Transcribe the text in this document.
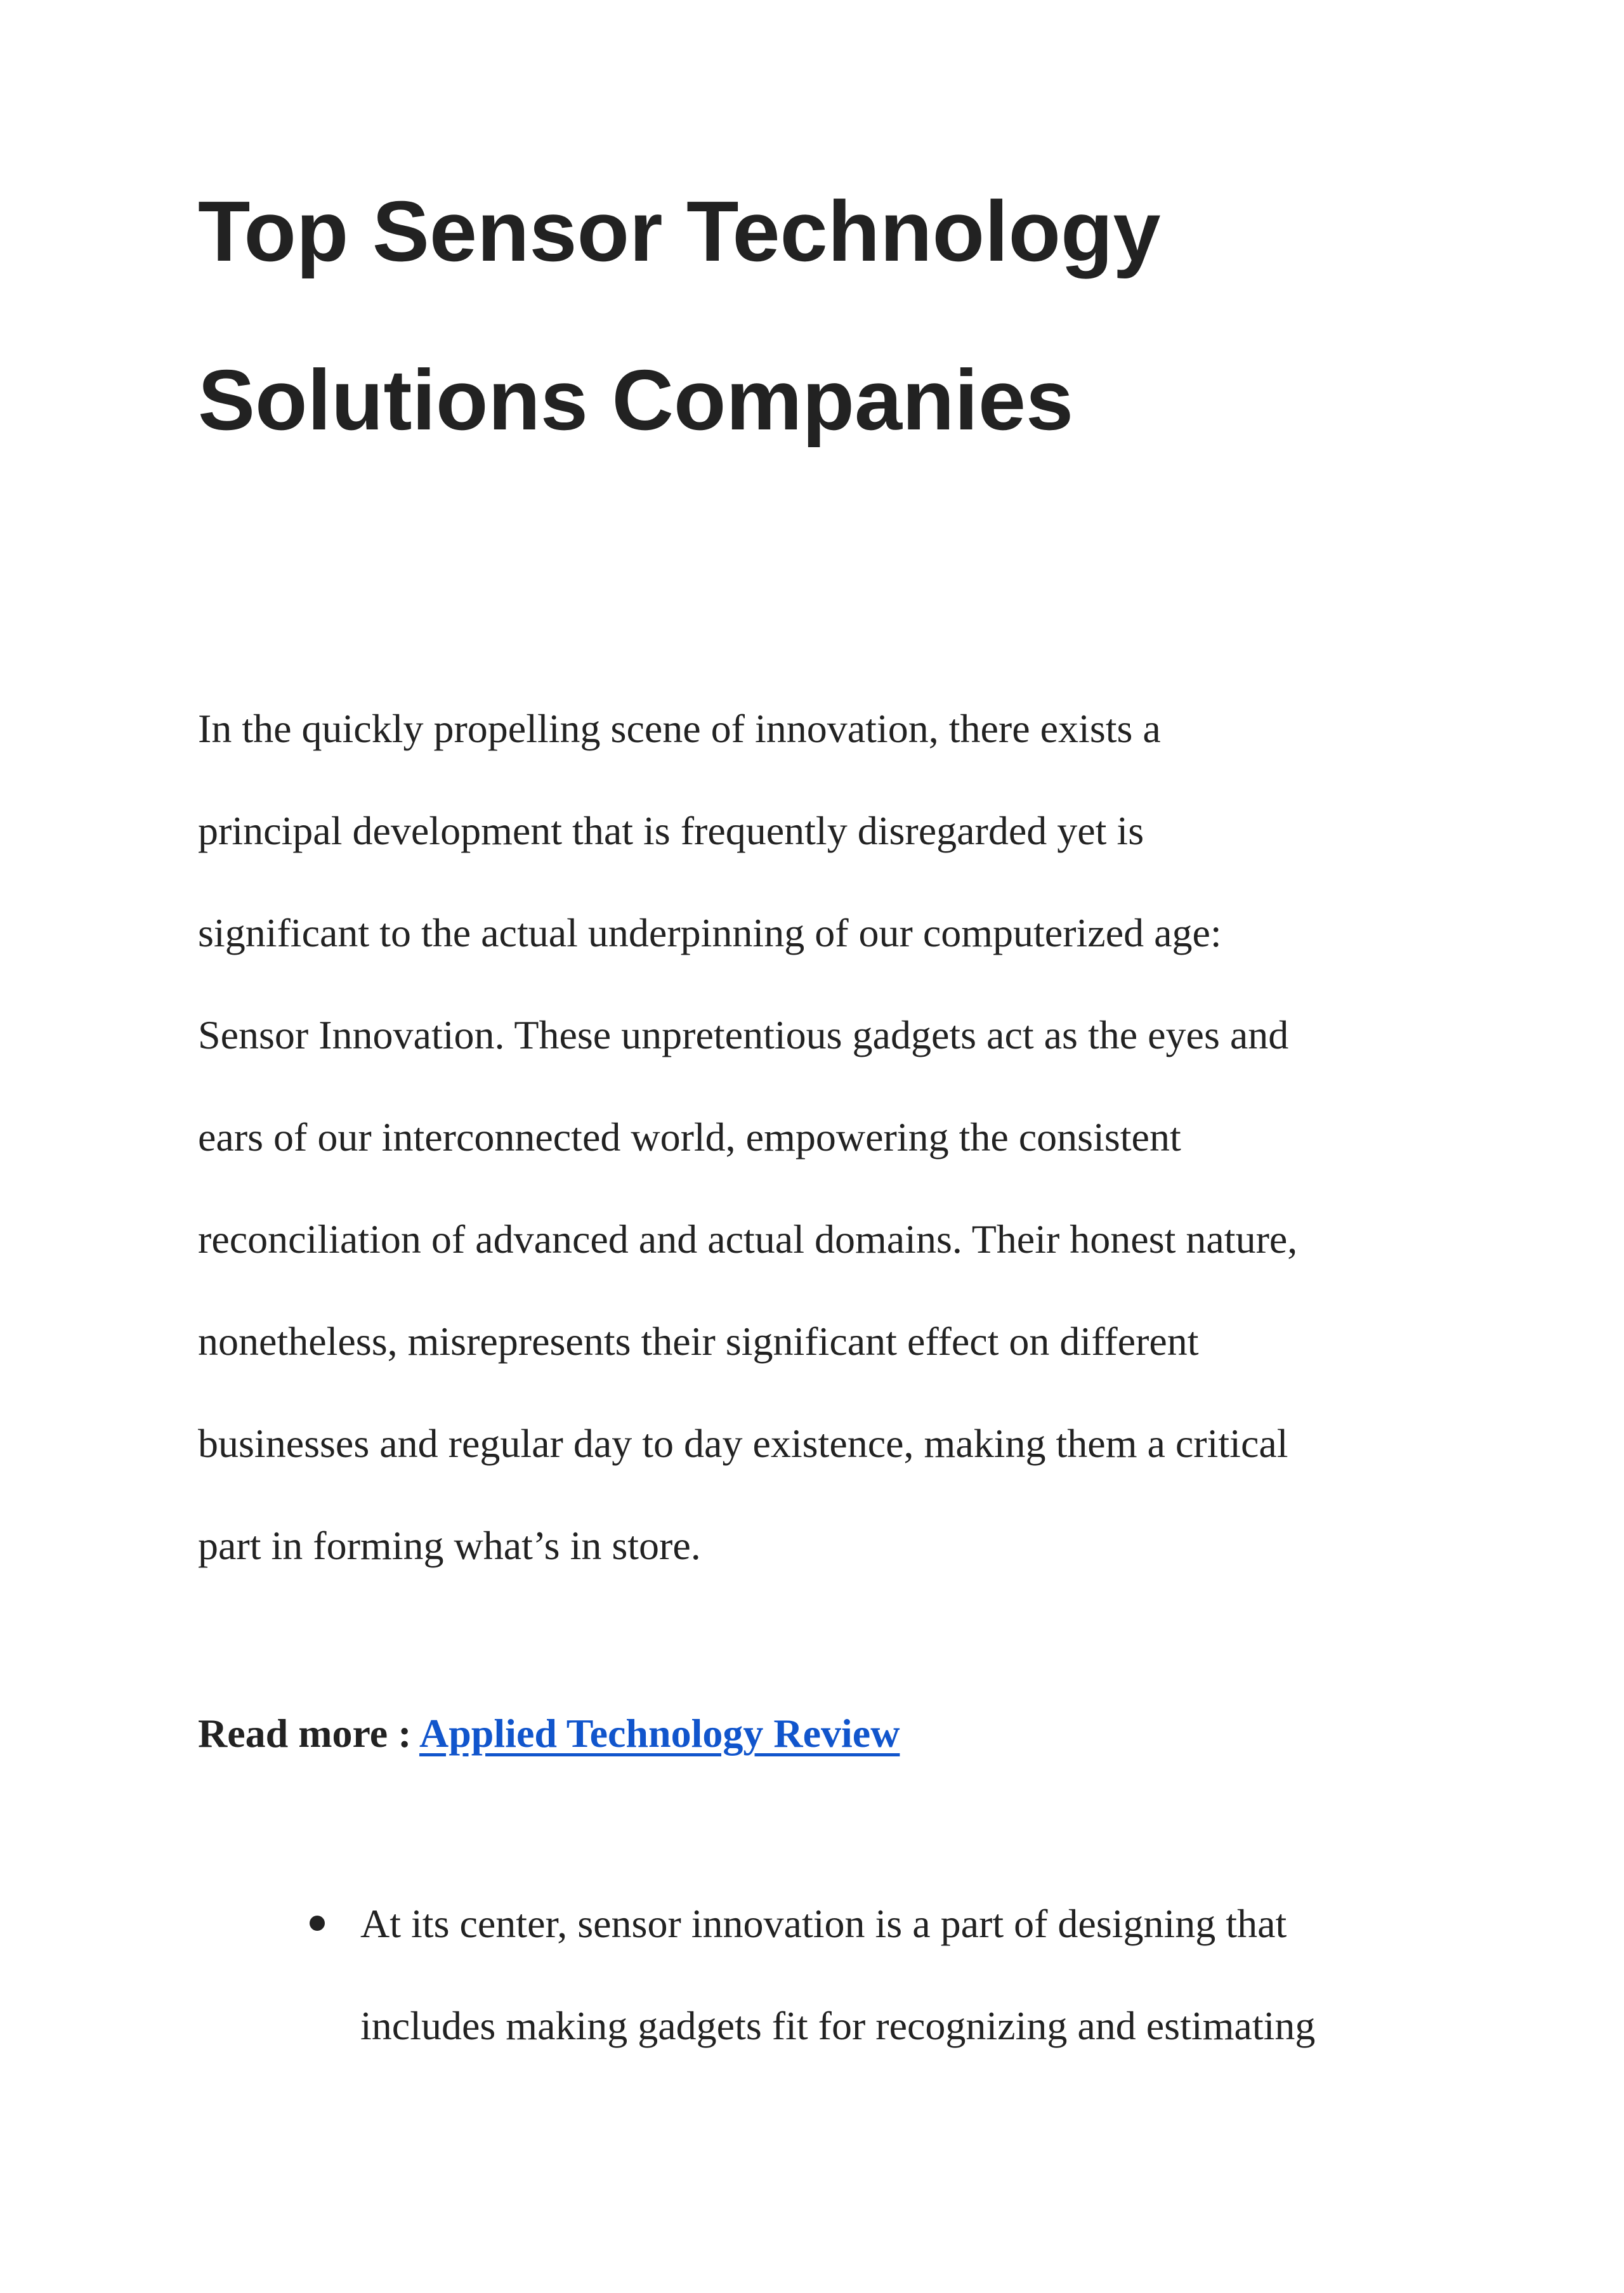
Top Sensor Technology
Solutions Companies

In the quickly propelling scene of innovation, there exists a
principal development that is frequently disregarded yet is
significant to the actual underpinning of our computerized age:
Sensor Innovation. These unpretentious gadgets act as the eyes and
ears of our interconnected world, empowering the consistent
reconciliation of advanced and actual domains. Their honest nature,
nonetheless, misrepresents their significant effect on different
businesses and regular day to day existence, making them a critical
part in forming what’s in store.

Read more : Applied Technology Review

At its center, sensor innovation is a part of designing that
includes making gadgets fit for recognizing and estimating
